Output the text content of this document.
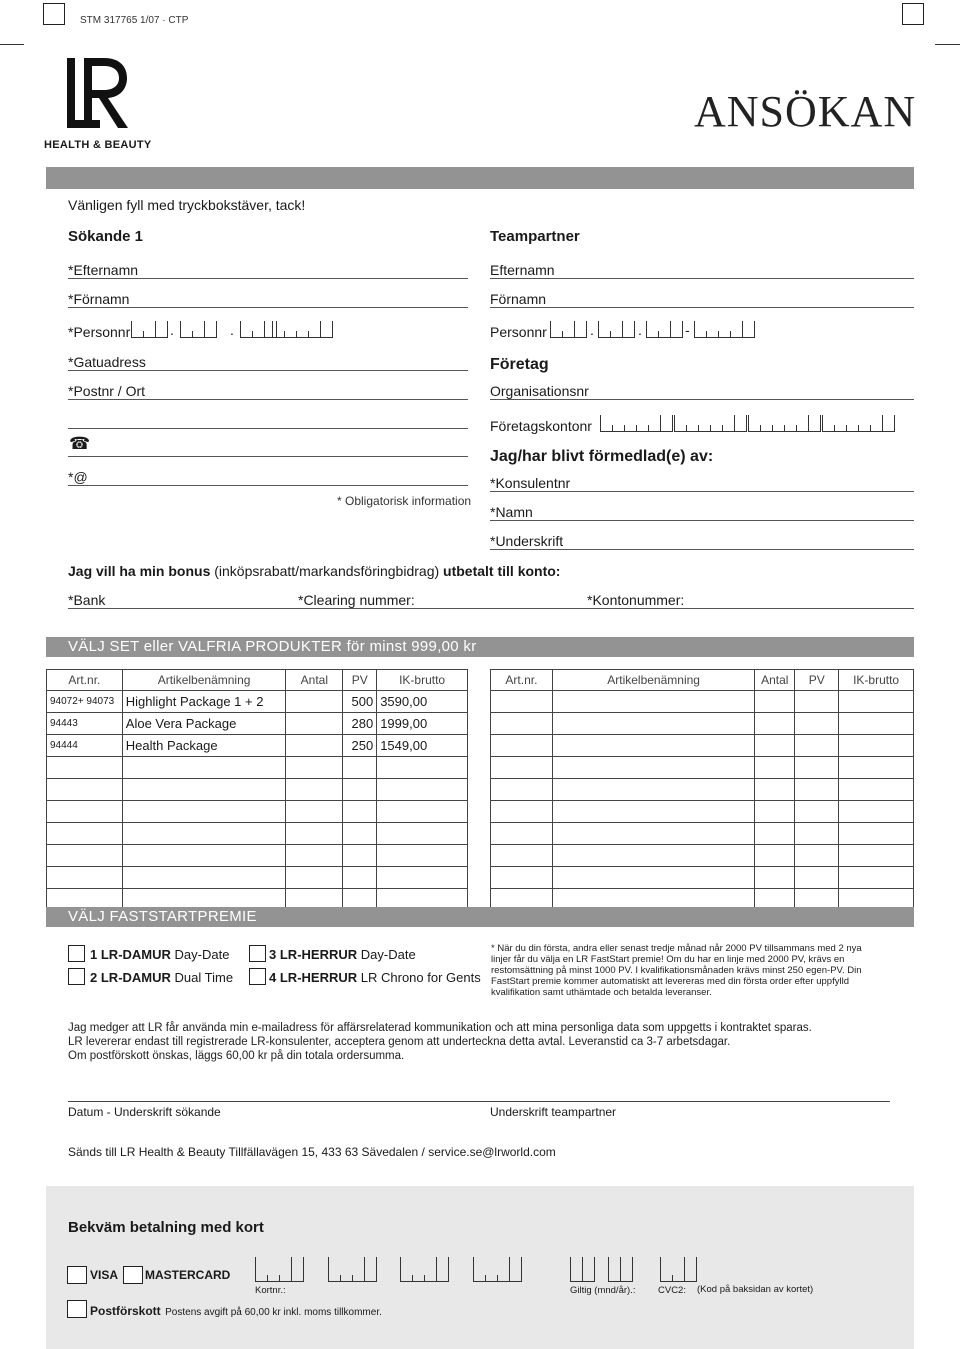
STM 317765 1/07 · CTP
HEALTH & BEAUTY
ANSÖKAN
Vänligen fyll med tryckbokstäver, tack!
Sökande 1
*Efternamn
*Förnamn
*Personnr	.	.
*Gatuadress
*Postnr / Ort
☎
*@
* Obligatorisk information
Teampartner
Efternamn
Förnamn
Personnr	.	.	-
Företag
Organisationsnr
Företagskontonr
Jag/har blivt förmedlad(e) av:
*Konsulentnr
*Namn
*Underskrift
Jag vill ha min bonus (inköpsrabatt/markandsföringbidrag) utbetalt till konto:
*Bank	*Clearing nummer:	*Kontonummer:
VÄLJ SET eller VALFRIA PRODUKTER för minst 999,00 kr
Art.nr.	Artikelbenämning	Antal	PV	IK-brutto
94072+ 94073	Highlight Package 1 + 2		500	3590,00
94443	Aloe Vera Package		280	1999,00
94444	Health Package		250	1549,00

Art.nr.	Artikelbenämning	Antal	PV	IK-brutto

VÄLJ FASTSTARTPREMIE
1 LR-DAMUR Day-Date
2 LR-DAMUR Dual Time
3 LR-HERRUR Day-Date
4 LR-HERRUR LR Chrono for Gents
* När du din första, andra eller senast tredje månad når 2000 PV tillsammans med 2 nya
linjer får du välja en LR FastStart premie! Om du har en linje med 2000 PV, krävs en
restomsättning på minst 1000 PV. I kvalifikationsmånaden krävs minst 250 egen-PV. Din
FastStart premie kommer automatiskt att levereras med din första order efter uppfylld
kvalifikation samt uthämtade och betalda leveranser.
Jag medger att LR får använda min e-mailadress för affärsrelaterad kommunikation och att mina personliga data som uppgetts i kontraktet sparas.
LR levererar endast till registrerade LR-konsulenter, acceptera genom att underteckna detta avtal. Leveranstid ca 3-7 arbetsdagar.
Om postförskott önskas, läggs 60,00 kr på din totala ordersumma.
Datum - Underskrift sökande	Underskrift teampartner
Sänds till LR Health & Beauty Tillfällavägen 15, 433 63 Sävedalen / service.se@lrworld.com
Bekväm betalning med kort
VISA MASTERCARD
Kortnr.:	Giltig (mnd/år).: CVC2: (Kod på baksidan av kortet)
Postförskott Postens avgift på 60,00 kr inkl. moms tillkommer.
